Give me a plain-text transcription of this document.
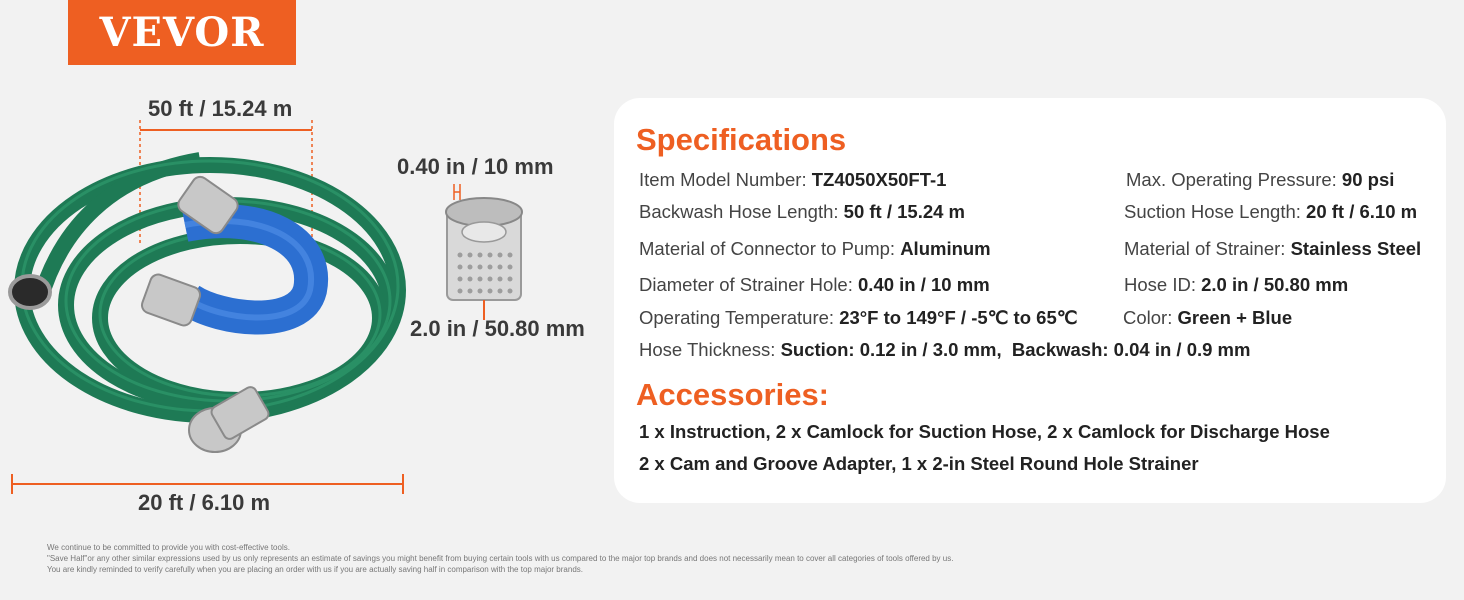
VEVOR
50 ft / 15.24 m
20 ft / 6.10 m
0.40 in / 10 mm
2.0 in / 50.80 mm
Specifications
Item Model Number: TZ4050X50FT-1
Backwash Hose Length: 50 ft / 15.24 m
Material of Connector to Pump: Aluminum
Diameter of Strainer Hole: 0.40 in / 10 mm
Operating Temperature: 23°F to 149°F / -5℃ to 65℃
Max. Operating Pressure: 90 psi
Suction Hose Length: 20 ft / 6.10 m
Material of Strainer: Stainless Steel
Hose ID: 2.0 in / 50.80 mm
Color: Green + Blue
Hose Thickness: Suction: 0.12 in / 3.0 mm, Backwash: 0.04 in / 0.9 mm
Accessories:
1 x Instruction, 2 x Camlock for Suction Hose, 2 x Camlock for Discharge Hose
2 x Cam and Groove Adapter, 1 x 2-in Steel Round Hole Strainer
We continue to be committed to provide you with cost-effective tools.
"Save Half"or any other similar expressions used by us only represents an estimate of savings you might benefit from buying certain tools with us compared to the major top brands and does not necessarily mean to cover all categories of tools offered by us.
You are kindly reminded to verify carefully when you are placing an order with us if you are actually saving half in comparison with the top major brands.
